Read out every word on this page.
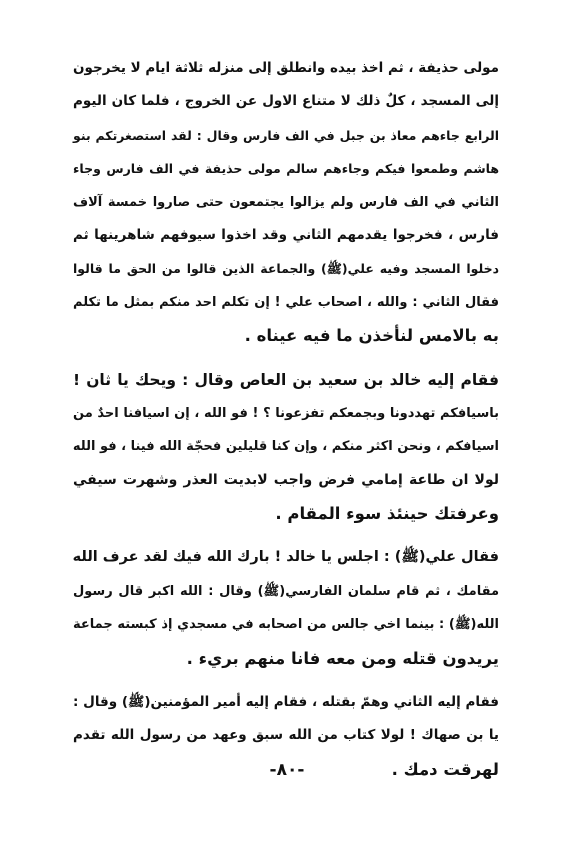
مولى حذيفة ، ثم اخذ بيده وانطلق إلى منزله ثلاثة ايام لا يخرجون
إلى المسجد ، كلٌ ذلك لا متناع الاول عن الخروج ، فلما كان اليوم
الرابع جاءهم معاذ بن جبل في الف فارس وقال : لقد استصغرتكم بنو
هاشم وطمعوا فيكم وجاءهم سالم مولى حذيفة في الف فارس وجاء
الثاني في الف فارس ولم يزالوا يجتمعون حتى صاروا خمسة آلاف
فارس ، فخرجوا يقدمهم الثاني وقد اخذوا سيوفهم شاهرينها ثم
دخلوا المسجد وفيه علي(ﷺ) والجماعة الذين قالوا من الحق ما قالوا
فقال الثاني : والله ، اصحاب علي ! إن تكلم احد منكم بمثل ما تكلم
به بالامس لنأخذن ما فيه عيناه .
فقام إليه خالد بن سعيد بن العاص وقال : ويحك يا ثان !
باسيافكم تهددونا وبجمعكم تفزعونا ؟ ! فو الله ، إن اسيافنا احدٌ من
اسيافكم ، ونحن اكثر منكم ، وإن كنا قليلين فحجّة الله فينا ، فو الله
لولا ان طاعة إمامي فرض واجب لابديت العذر وشهرت سيفي
وعرفتك حينئذ سوء المقام .
فقال علي(ﷺ) : اجلس يا خالد ! بارك الله فيك لقد عرف الله
مقامك ، ثم قام سلمان الفارسي(ﷺ) وقال : الله اكبر قال رسول
الله(ﷺ) : بينما اخي جالس من اصحابه في مسجدي إذ كبسته جماعة
يريدون قتله ومن معه فانا منهم بريء .
فقام إليه الثاني وهمّ بقتله ، فقام إليه أمير المؤمنين(ﷺ) وقال :
يا بن صهاك ! لولا كتاب من الله سبق وعهد من رسول الله تقدم
لهرقت دمك .
-٨٠-
